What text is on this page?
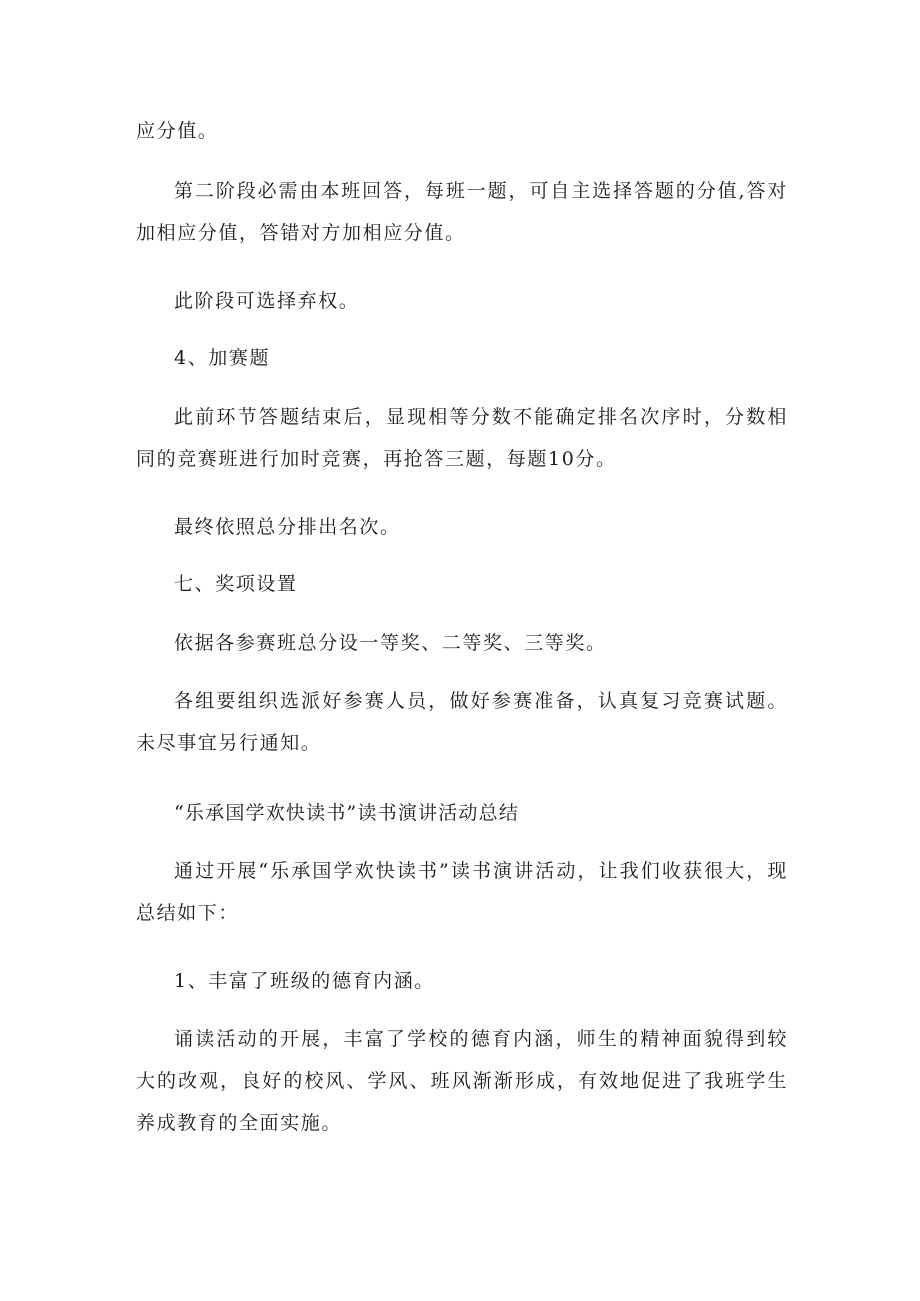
应分值。

第二阶段必需由本班回答，每班一题，可自主选择答题的分值,答对加相应分值，答错对方加相应分值。

此阶段可选择弃权。

4、加赛题

此前环节答题结束后，显现相等分数不能确定排名次序时，分数相同的竞赛班进行加时竞赛，再抢答三题，每题10分。

最终依照总分排出名次。

七、奖项设置

依据各参赛班总分设一等奖、二等奖、三等奖。

各组要组织选派好参赛人员，做好参赛准备，认真复习竞赛试题。未尽事宜另行通知。

“乐承国学欢快读书”读书演讲活动总结

通过开展“乐承国学欢快读书”读书演讲活动，让我们收获很大，现总结如下：

1、丰富了班级的德育内涵。

诵读活动的开展，丰富了学校的德育内涵，师生的精神面貌得到较大的改观，良好的校风、学风、班风渐渐形成，有效地促进了我班学生养成教育的全面实施。
